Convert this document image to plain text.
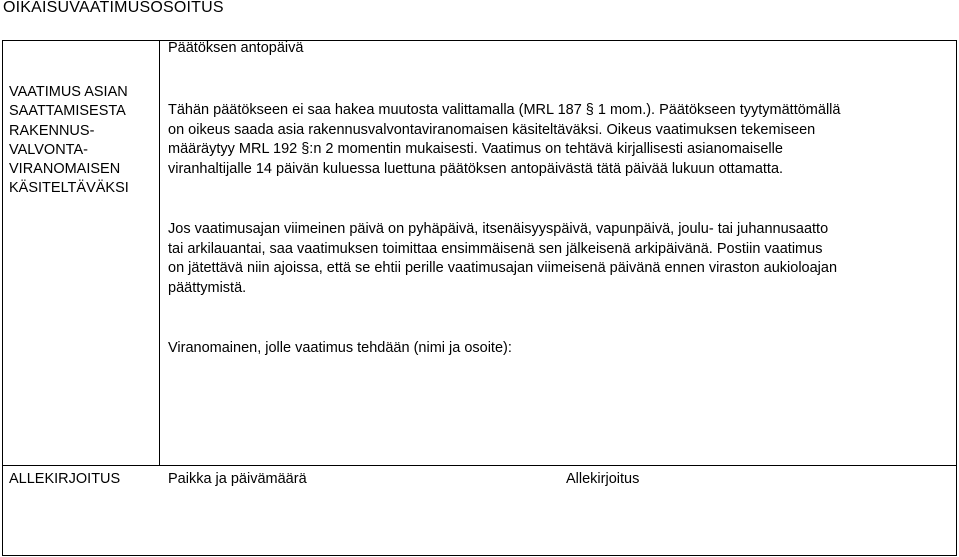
OIKAISUVAATIMUSOSOITUS
Päätöksen antopäivä
VAATIMUS ASIAN
SAATTAMISESTA
RAKENNUS-
VALVONTA-
VIRANOMAISEN
KÄSITELTÄVÄKSI
Tähän päätökseen ei saa hakea muutosta valittamalla (MRL 187 § 1 mom.). Päätökseen tyytymättömällä
on oikeus saada asia rakennusvalvontaviranomaisen käsiteltäväksi. Oikeus vaatimuksen tekemiseen
määräytyy MRL 192 §:n 2 momentin mukaisesti. Vaatimus on tehtävä kirjallisesti asianomaiselle
viranhaltijalle 14 päivän kuluessa luettuna päätöksen antopäivästä tätä päivää lukuun ottamatta.
Jos vaatimusajan viimeinen päivä on pyhäpäivä, itsenäisyyspäivä, vapunpäivä, joulu- tai juhannusaatto
tai arkilauantai, saa vaatimuksen toimittaa ensimmäisenä sen jälkeisenä arkipäivänä. Postiin vaatimus
on jätettävä niin ajoissa, että se ehtii perille vaatimusajan viimeisenä päivänä ennen viraston aukioloajan
päättymistä.
Viranomainen, jolle vaatimus tehdään (nimi ja osoite):
ALLEKIRJOITUS	Paikka ja päivämäärä	Allekirjoitus
